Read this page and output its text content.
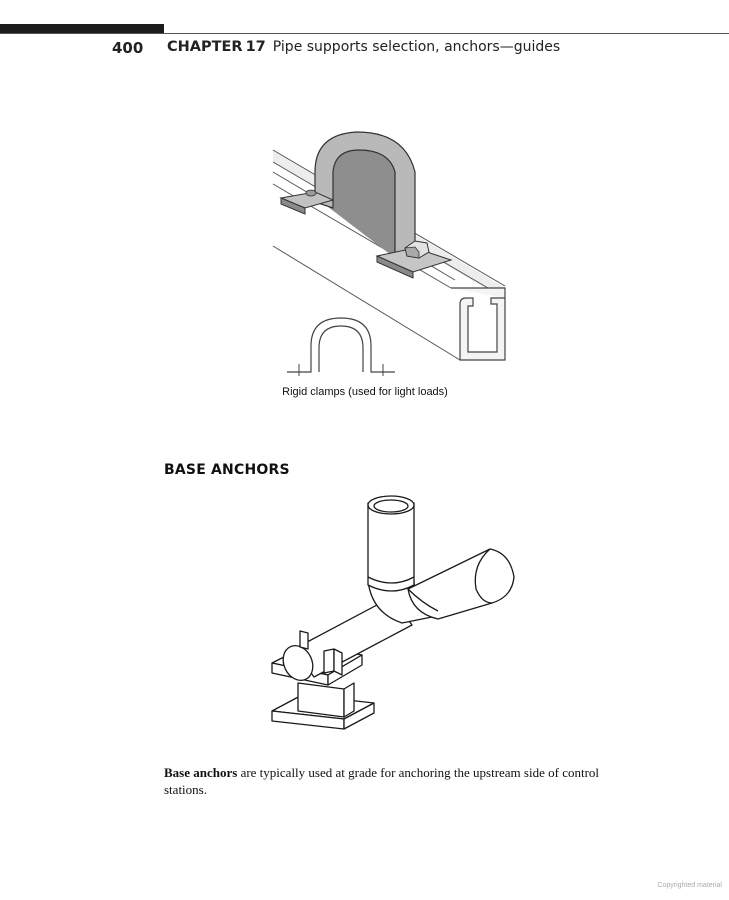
400 CHAPTER 17 Pipe supports selection, anchors—guides
Rigid clamps (used for light loads)
BASE ANCHORS
Base anchors are typically used at grade for anchoring the upstream side of control stations.
Copyrighted material
